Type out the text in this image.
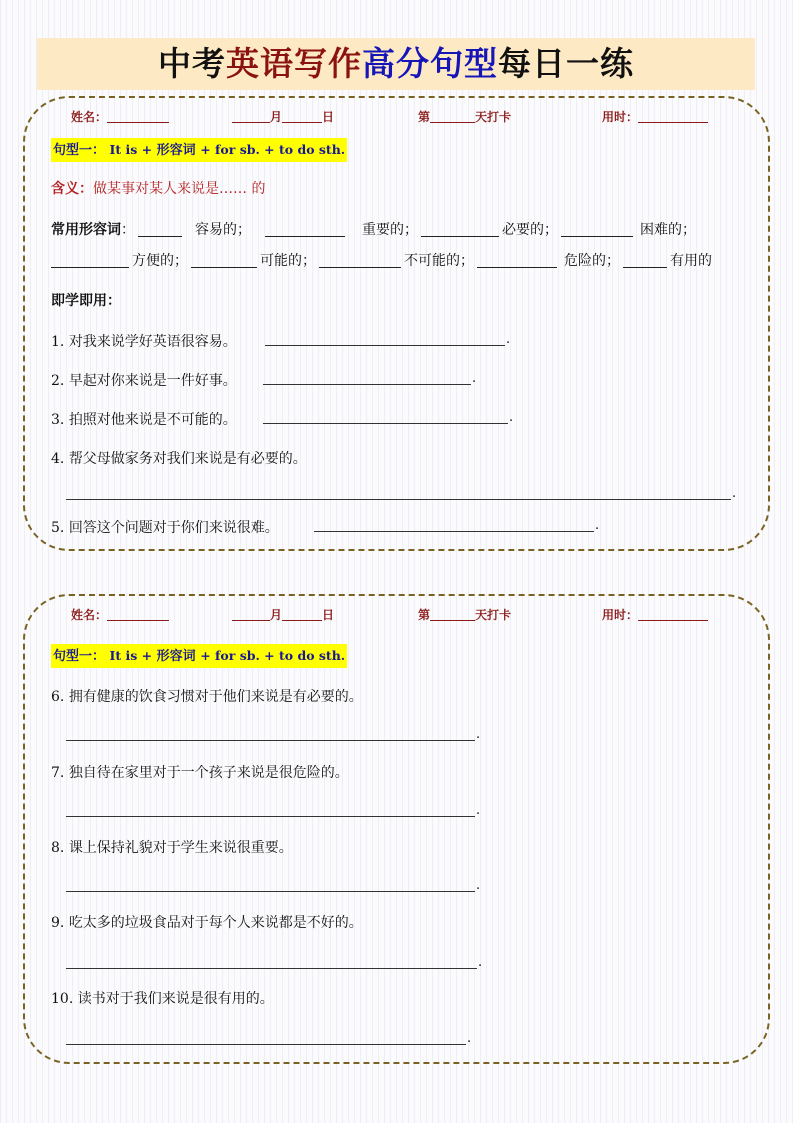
中考英语写作高分句型每日一练
姓名：	月	日	第	天打卡	用时：
句型一： It is + 形容词 + for sb. + to do sth.
含义：做某事对某人来说是…… 的
常用形容词：	容易的；	重要的；	必要的；	困难的；
方便的；	可能的；	不可能的；	危险的；	有用的
即学即用：
1. 对我来说学好英语很容易。	.
2. 早起对你来说是一件好事。	.
3. 拍照对他来说是不可能的。	.
4. 帮父母做家务对我们来说是有必要的。
.
5. 回答这个问题对于你们来说很难。	.
姓名：	月	日	第	天打卡	用时：
句型一： It is + 形容词 + for sb. + to do sth.
6. 拥有健康的饮食习惯对于他们来说是有必要的。
.
7. 独自待在家里对于一个孩子来说是很危险的。
.
8. 课上保持礼貌对于学生来说很重要。
.
9. 吃太多的垃圾食品对于每个人来说都是不好的。
.
10. 读书对于我们来说是很有用的。
.
